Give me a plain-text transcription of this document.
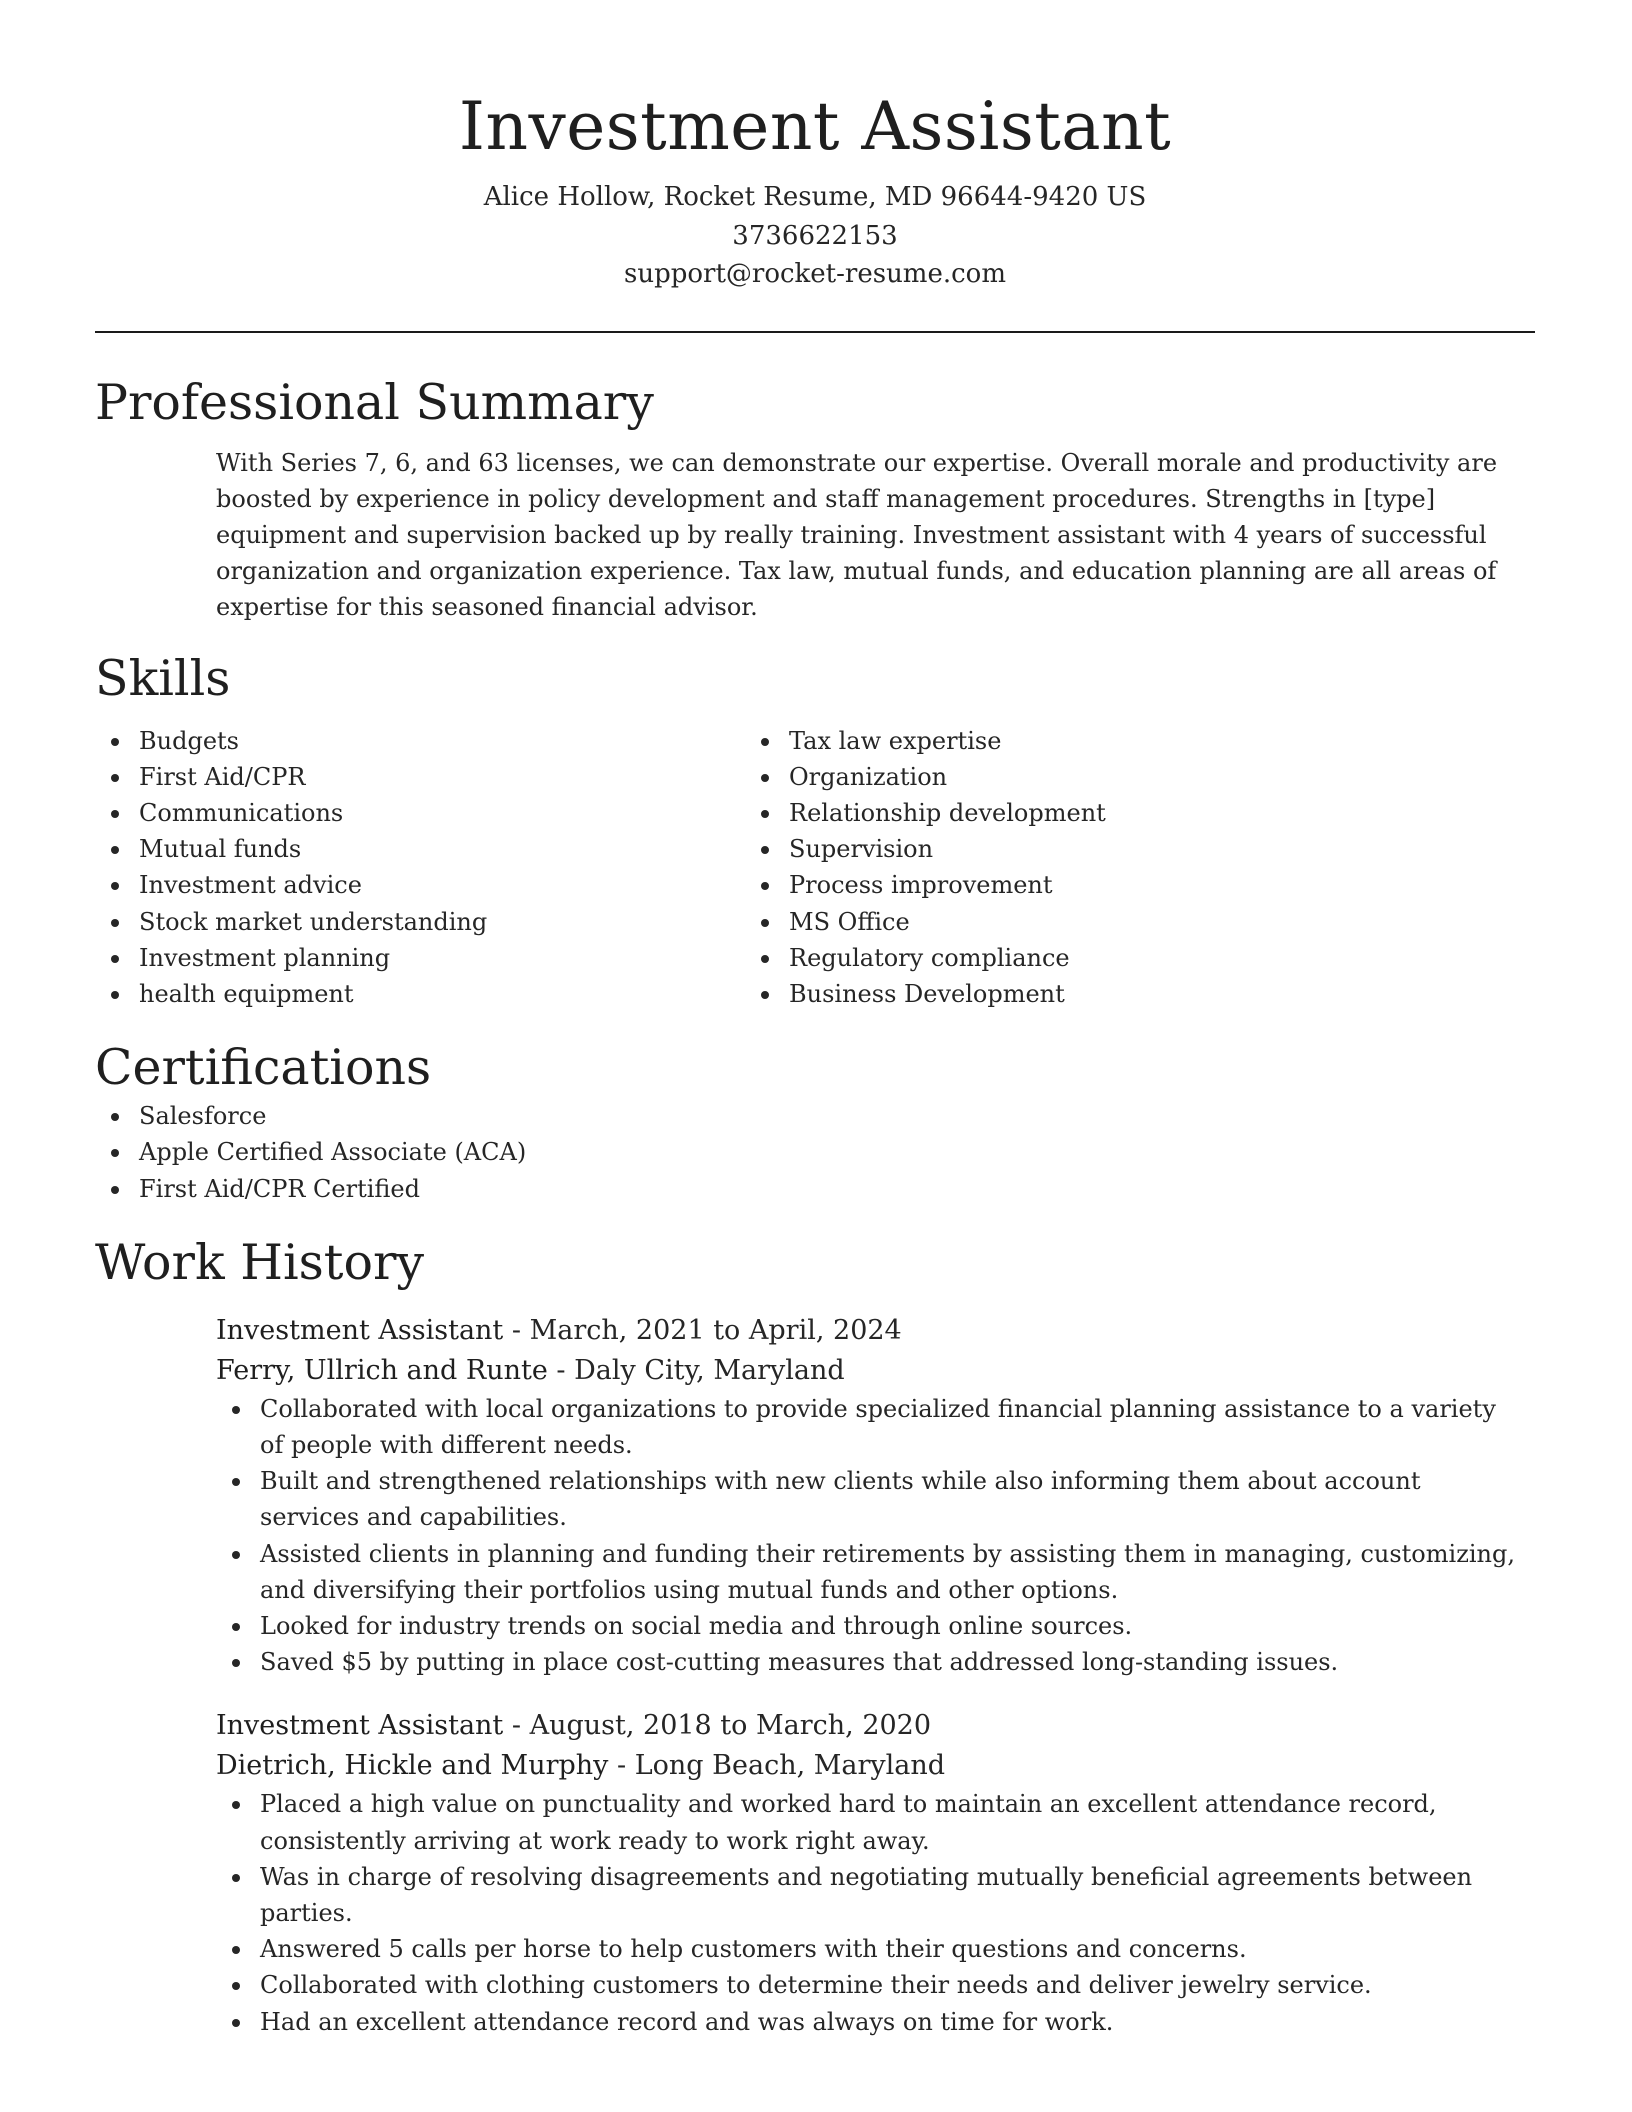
Investment Assistant
Alice Hollow, Rocket Resume, MD 96644-9420 US
3736622153
support@rocket-resume.com
Professional Summary
With Series 7, 6, and 63 licenses, we can demonstrate our expertise. Overall morale and productivity are boosted by experience in policy development and staff management procedures. Strengths in [type] equipment and supervision backed up by really training. Investment assistant with 4 years of successful organization and organization experience. Tax law, mutual funds, and education planning are all areas of expertise for this seasoned financial advisor.
Skills
Budgets
First Aid/CPR
Communications
Mutual funds
Investment advice
Stock market understanding
Investment planning
health equipment
Tax law expertise
Organization
Relationship development
Supervision
Process improvement
MS Office
Regulatory compliance
Business Development
Certifications
Salesforce
Apple Certified Associate (ACA)
First Aid/CPR Certified
Work History
Investment Assistant - March, 2021 to April, 2024
Ferry, Ullrich and Runte - Daly City, Maryland
Collaborated with local organizations to provide specialized financial planning assistance to a variety of people with different needs.
Built and strengthened relationships with new clients while also informing them about account services and capabilities.
Assisted clients in planning and funding their retirements by assisting them in managing, customizing, and diversifying their portfolios using mutual funds and other options.
Looked for industry trends on social media and through online sources.
Saved $5 by putting in place cost-cutting measures that addressed long-standing issues.
Investment Assistant - August, 2018 to March, 2020
Dietrich, Hickle and Murphy - Long Beach, Maryland
Placed a high value on punctuality and worked hard to maintain an excellent attendance record, consistently arriving at work ready to work right away.
Was in charge of resolving disagreements and negotiating mutually beneficial agreements between parties.
Answered 5 calls per horse to help customers with their questions and concerns.
Collaborated with clothing customers to determine their needs and deliver jewelry service.
Had an excellent attendance record and was always on time for work.
